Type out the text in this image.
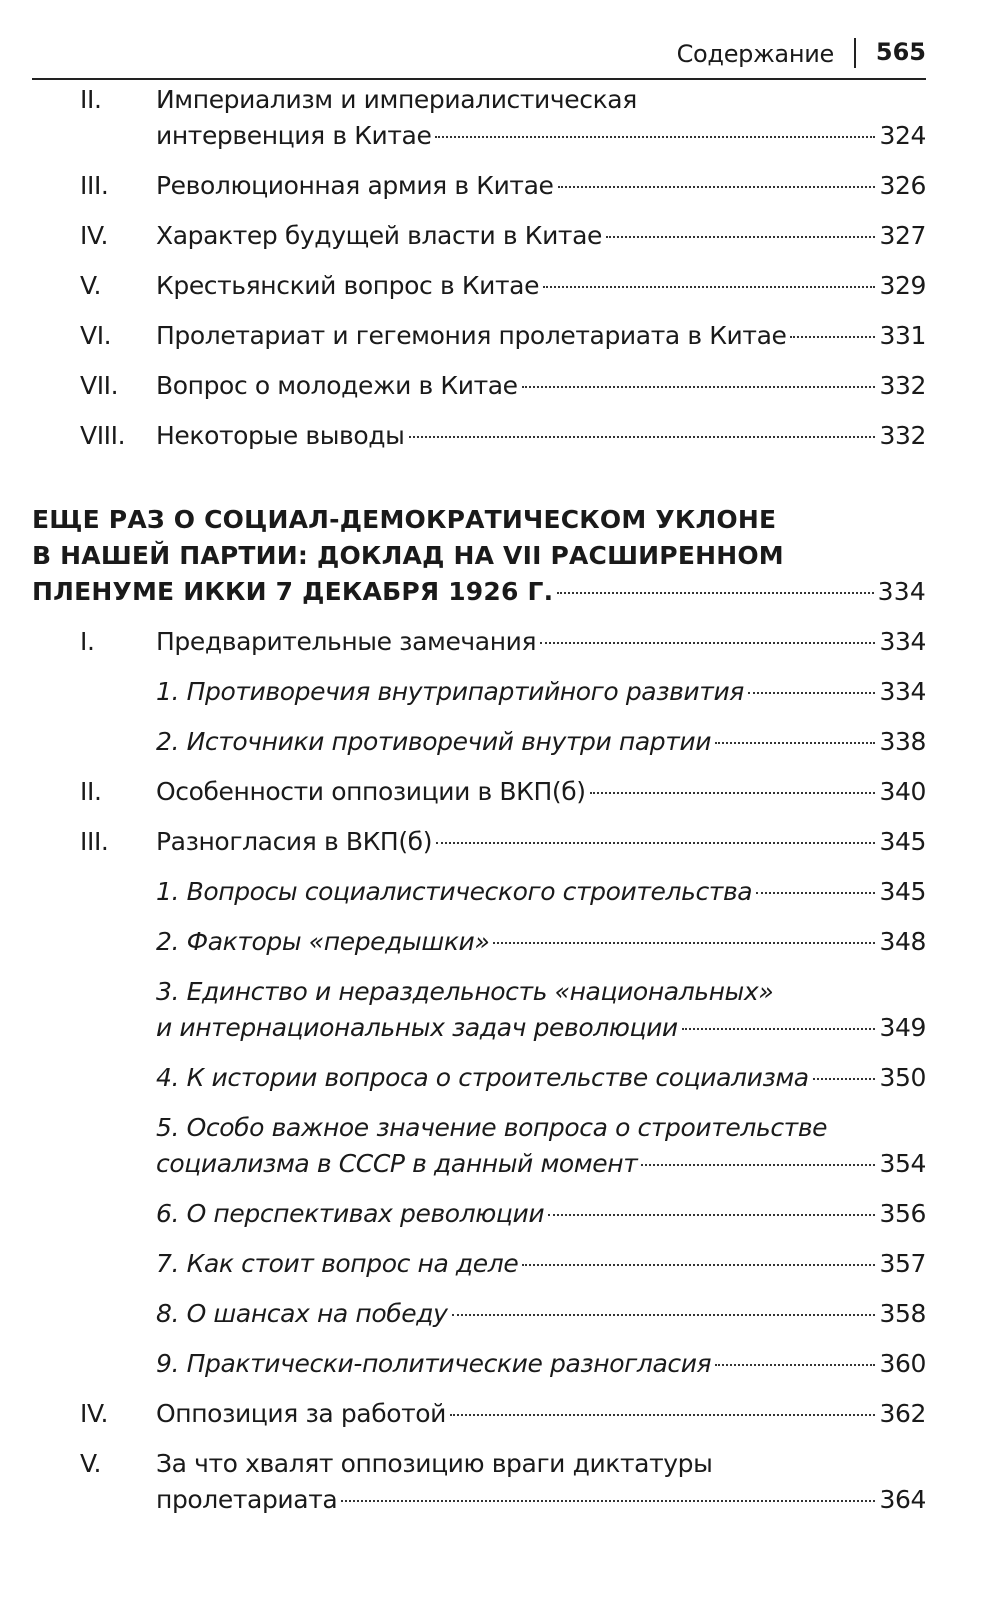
Содержание 565
II. Империализм и империалистическая
интервенция в Китае	324
III. Революционная армия в Китае	326
IV. Характер будущей власти в Китае	327
V. Крестьянский вопрос в Китае	329
VI. Пролетариат и гегемония пролетариата в Китае	331
VII. Вопрос о молодежи в Китае	332
VIII. Некоторые выводы	332
ЕЩЕ РАЗ О СОЦИАЛ-ДЕМОКРАТИЧЕСКОМ УКЛОНЕ
В НАШЕЙ ПАРТИИ: ДОКЛАД НА VII РАСШИРЕННОМ
ПЛЕНУМЕ ИККИ 7 ДЕКАБРЯ 1926 Г.	334
I. Предварительные замечания	334
1. Противоречия внутрипартийного развития	334
2. Источники противоречий внутри партии	338
II. Особенности оппозиции в ВКП(б)	340
III. Разногласия в ВКП(б)	345
1. Вопросы социалистического строительства	345
2. Факторы «передышки»	348
3. Единство и нераздельность «национальных»
и интернациональных задач революции	349
4. К истории вопроса о строительстве социализма	350
5. Особо важное значение вопроса о строительстве
социализма в СССР в данный момент	354
6. О перспективах революции	356
7. Как стоит вопрос на деле	357
8. О шансах на победу	358
9. Практически-политические разногласия	360
IV. Оппозиция за работой	362
V. За что хвалят оппозицию враги диктатуры
пролетариата	364
